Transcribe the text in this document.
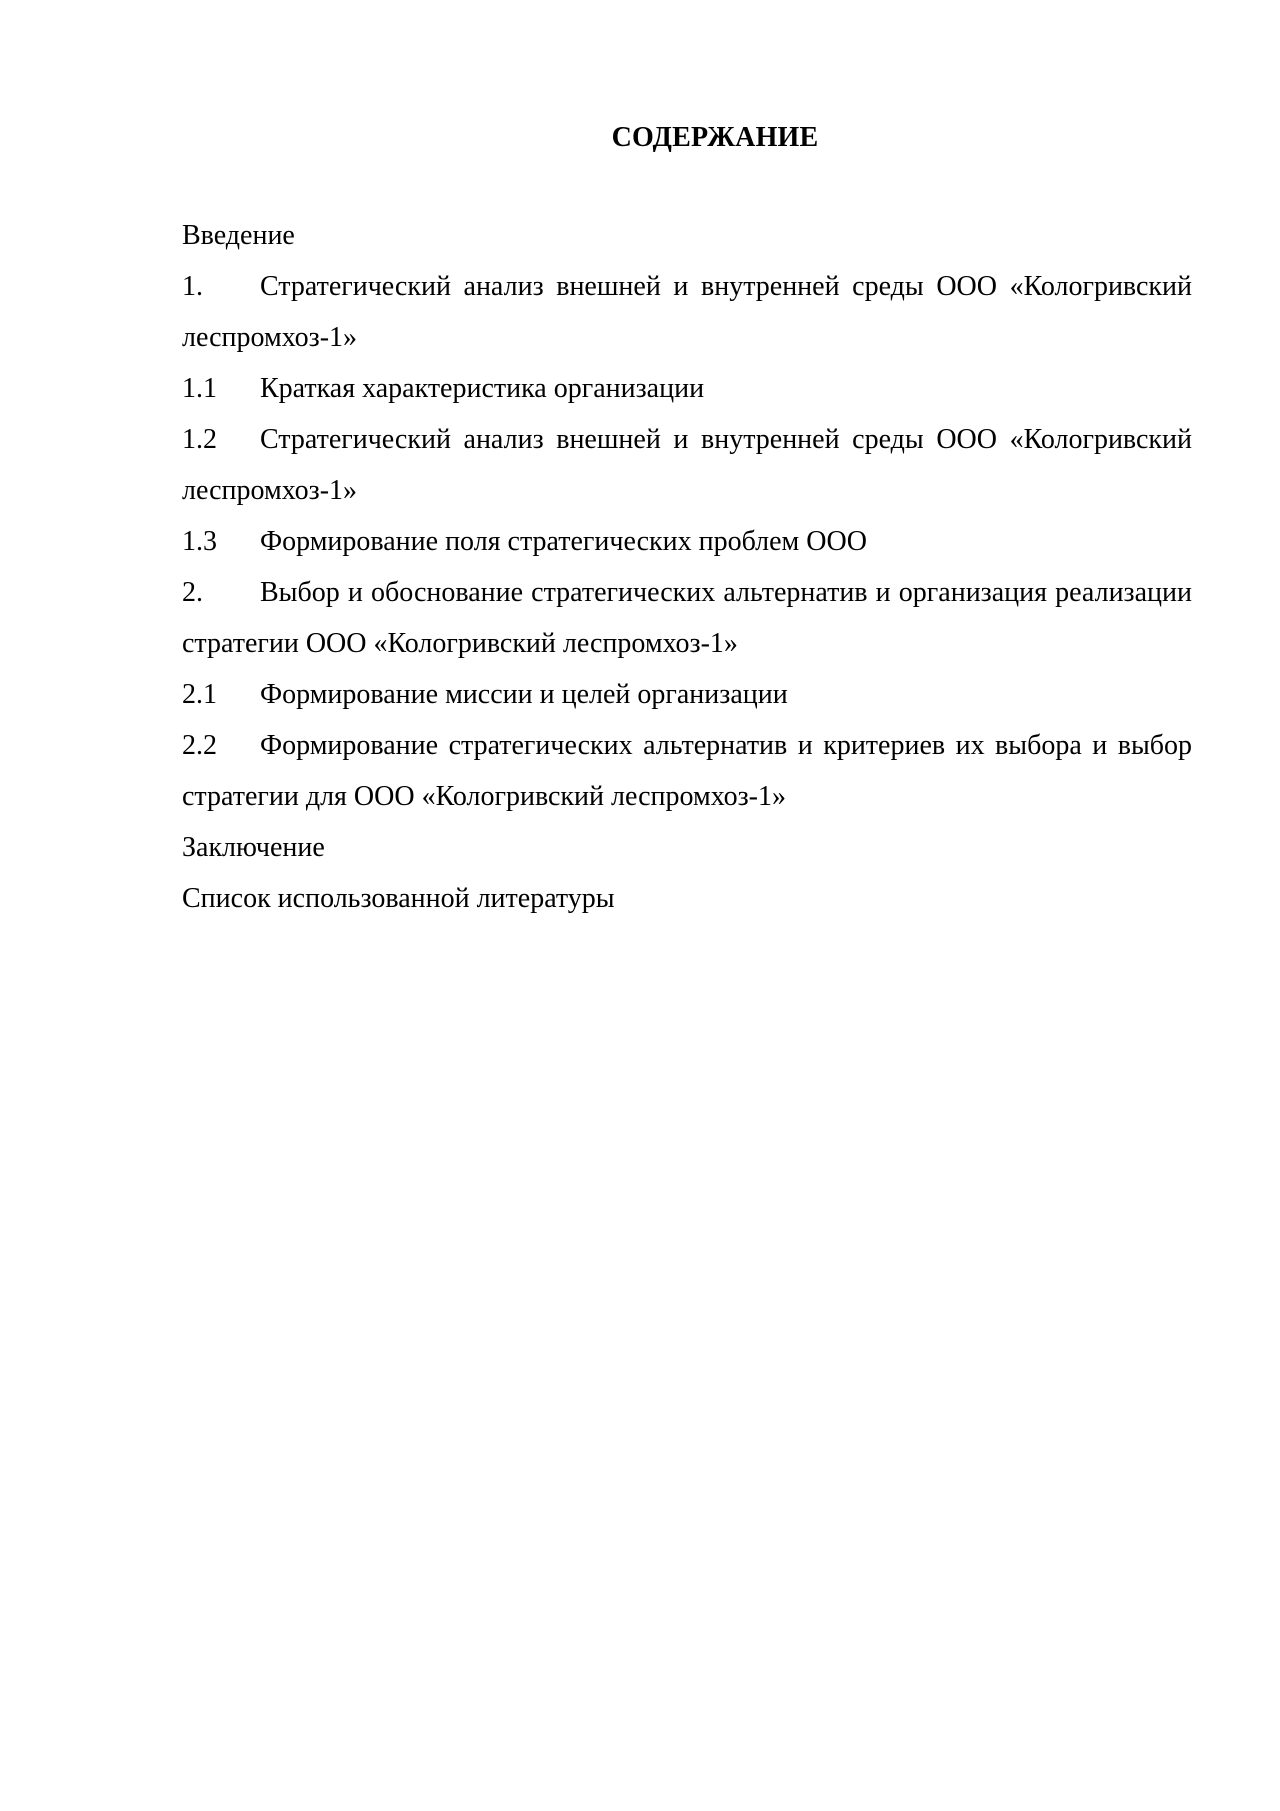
СОДЕРЖАНИЕ

Введение

1. Стратегический анализ внешней и внутренней среды ООО «Кологривский леспромхоз-1»

1.1 Краткая характеристика организации

1.2 Стратегический анализ внешней и внутренней среды ООО «Кологривский леспромхоз-1»

1.3 Формирование поля стратегических проблем ООО

2. Выбор и обоснование стратегических альтернатив и организация реализации стратегии ООО «Кологривский леспромхоз-1»

2.1 Формирование миссии и целей организации

2.2 Формирование стратегических альтернатив и критериев их выбора и выбор стратегии для ООО «Кологривский леспромхоз-1»

Заключение

Список использованной литературы
